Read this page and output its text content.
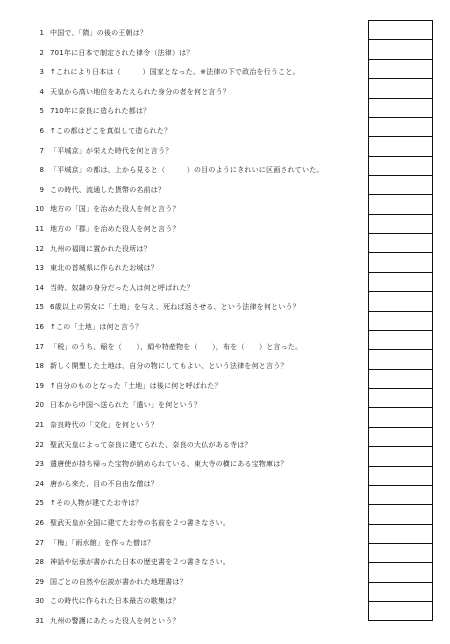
1 中国で、「隋」の後の王朝は？
2 701年に日本で制定された律令（法律）は？
3 ↑これにより日本は（　　　）国家となった。※法律の下で政治を行うこと。
4 天皇から高い地位をあたえられた身分の者を何と言う？
5 710年に奈良に造られた都は？
6 ↑この都はどこを真似して造られた？
7 「平城京」が栄えた時代を何と言う？
8 「平城京」の都は、上から見ると（　　　）の目のようにきれいに区画されていた。
9 この時代、流通した貨幣の名前は？
10 地方の「国」を治めた役人を何と言う？
11 地方の「郡」を治めた役人を何と言う？
12 九州の福岡に置かれた役所は？
13 東北の首城県に作られたお城は？
14 当時、奴隷の身分だった人は何と呼ばれた？
15 6歳以上の男女に「土地」を与え、死ねば返させる、という法律を何という？
16 ↑この「土地」は何と言う？
17 「税」のうち、稲を（　　），絹や特産物を（　　），布を（　　）と言った。
18 新しく開墾した土地は、自分の物にしてもよい、という法律を何と言う？
19 ↑自分のものとなった「土地」は後に何と呼ばれた？
20 日本から中国へ送られた「遣い」を何という？
21 奈良時代の「文化」を何という？
22 聖武天皇によって奈良に建てられた、奈良の大仏がある寺は？
23 遣唐使が持ち帰った宝物が納められている、東大寺の横にある宝物庫は？
24 唐から来た、目の不自由な僧は？
25 ↑その人物が建てたお寺は？
26 聖武天皇が全国に建てたお寺の名前を２つ書きなさい。
27 「梅」「雨水館」を作った僧は？
28 神話や伝承が書かれた日本の歴史書を２つ書きなさい。
29 国ごとの自然や伝説が書かれた地理書は？
30 この時代に作られた日本最古の歌集は？
31 九州の警護にあたった役人を何という？
